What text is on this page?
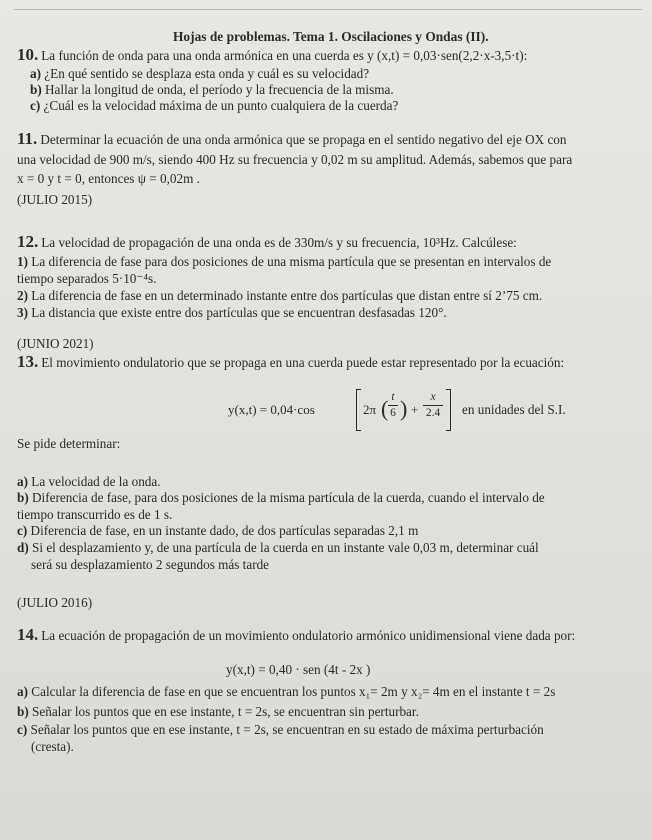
Hojas de problemas. Tema 1. Oscilaciones y Ondas (II).
10. La función de onda para una onda armónica en una cuerda es y (x,t) = 0,03·sen(2,2·x-3,5·t):
a) ¿En qué sentido se desplaza esta onda y cuál es su velocidad?
b) Hallar la longitud de onda, el período y la frecuencia de la misma.
c) ¿Cuál es la velocidad máxima de un punto cualquiera de la cuerda?
11. Determinar la ecuación de una onda armónica que se propaga en el sentido negativo del eje OX con
una velocidad de 900 m/s, siendo 400 Hz su frecuencia y 0,02 m su amplitud. Además, sabemos que para
x = 0 y t = 0, entonces ψ = 0,02m .
(JULIO 2015)
12. La velocidad de propagación de una onda es de 330m/s y su frecuencia, 10³Hz. Calcúlese:
1) La diferencia de fase para dos posiciones de una misma partícula que se presentan en intervalos de
tiempo separados 5·10⁻⁴s.
2) La diferencia de fase en un determinado instante entre dos partículas que distan entre sí 2’75 cm.
3) La distancia que existe entre dos partículas que se encuentran desfasadas 120°.
(JUNIO 2021)
13. El movimiento ondulatorio que se propaga en una cuerda puede estar representado por la ecuación:
y(x,t) = 0,04·cos	2π ( t
6 ) +
x
2.4 en unidades del S.I.
Se pide determinar:
a) La velocidad de la onda.
b) Diferencia de fase, para dos posiciones de la misma partícula de la cuerda, cuando el intervalo de
tiempo transcurrido es de 1 s.
c) Diferencia de fase, en un instante dado, de dos partículas separadas 2,1 m
d) Si el desplazamiento y, de una partícula de la cuerda en un instante vale 0,03 m, determinar cuál
será su desplazamiento 2 segundos más tarde
(JULIO 2016)
14. La ecuación de propagación de un movimiento ondulatorio armónico unidimensional viene dada por:
y(x,t) = 0,40 · sen (4t - 2x )
a) Calcular la diferencia de fase en que se encuentran los puntos x₁= 2m y x₂= 4m en el instante t = 2s
b) Señalar los puntos que en ese instante, t = 2s, se encuentran sin perturbar.
c) Señalar los puntos que en ese instante, t = 2s, se encuentran en su estado de máxima perturbación
(cresta).
